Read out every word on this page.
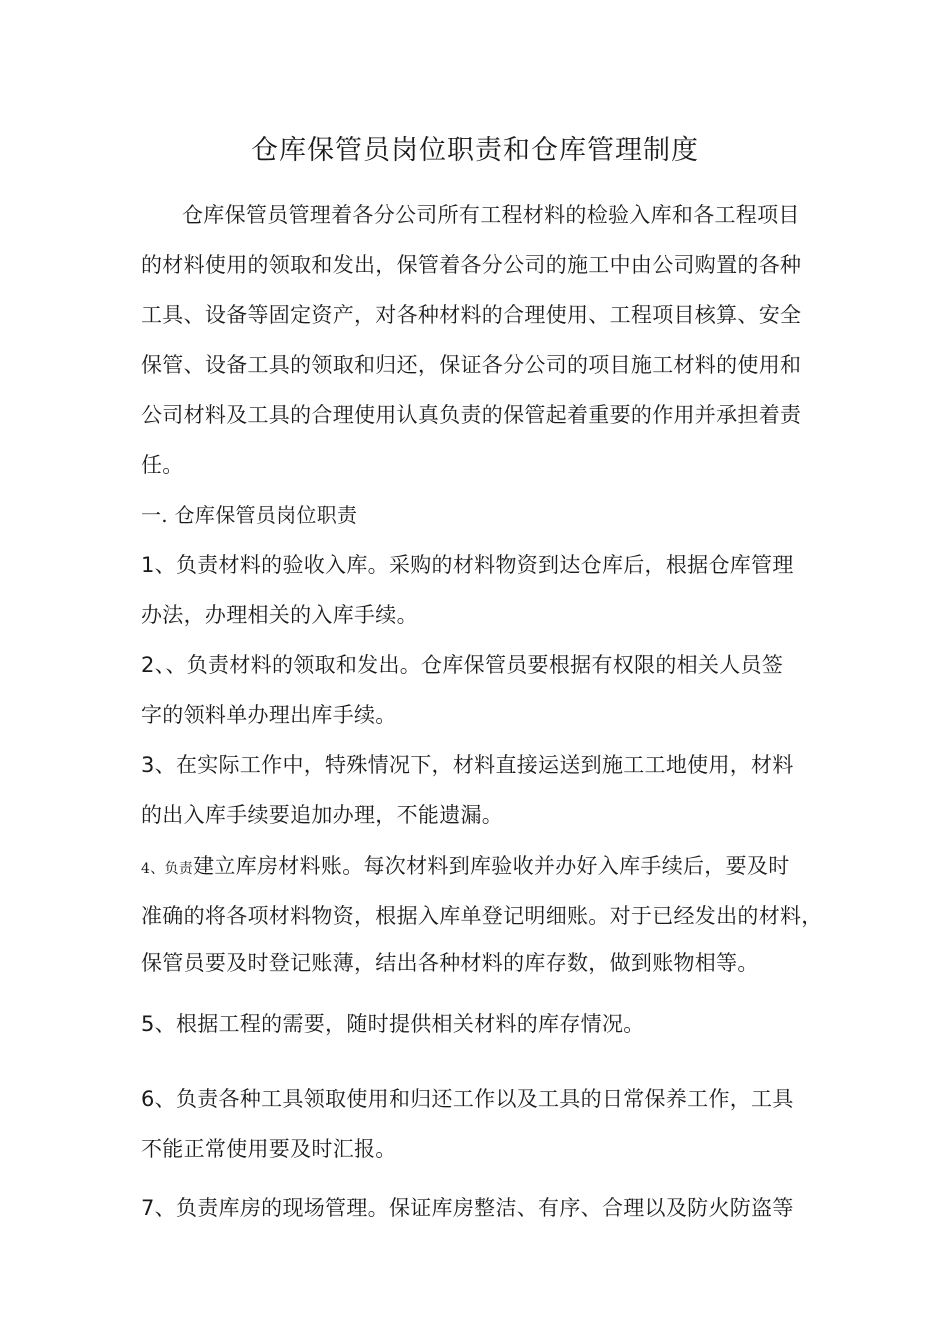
仓库保管员岗位职责和仓库管理制度

仓库保管员管理着各分公司所有工程材料的检验入库和各工程项目

的材料使用的领取和发出，保管着各分公司的施工中由公司购置的各种

工具、设备等固定资产，对各种材料的合理使用、工程项目核算、安全

保管、设备工具的领取和归还，保证各分公司的项目施工材料的使用和

公司材料及工具的合理使用认真负责的保管起着重要的作用并承担着责

任。

一. 仓库保管员岗位职责

1、负责材料的验收入库。采购的材料物资到达仓库后，根据仓库管理

办法，办理相关的入库手续。

2、、负责材料的领取和发出。仓库保管员要根据有权限的相关人员签

字的领料单办理出库手续。

3、在实际工作中，特殊情况下，材料直接运送到施工工地使用，材料

的出入库手续要追加办理，不能遗漏。

4、负责建立库房材料账。每次材料到库验收并办好入库手续后，要及时

准确的将各项材料物资，根据入库单登记明细账。对于已经发出的材料，

保管员要及时登记账薄，结出各种材料的库存数，做到账物相等。

5、根据工程的需要，随时提供相关材料的库存情况。

6、负责各种工具领取使用和归还工作以及工具的日常保养工作，工具

不能正常使用要及时汇报。

7、负责库房的现场管理。保证库房整洁、有序、合理以及防火防盗等
